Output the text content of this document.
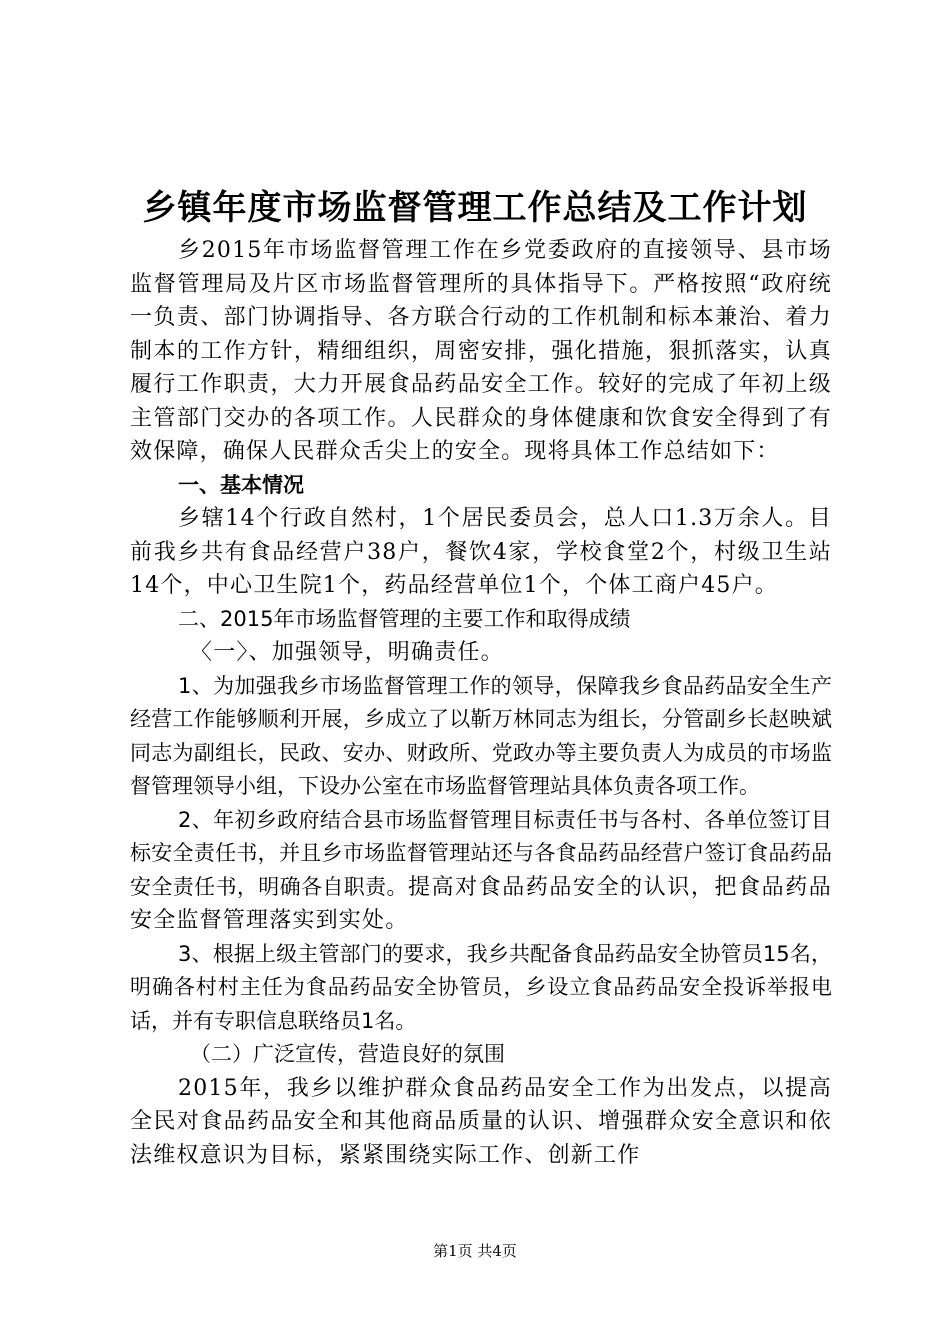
乡镇年度市场监督管理工作总结及工作计划

乡2015年市场监督管理工作在乡党委政府的直接领导、县市场监督管理局及片区市场监督管理所的具体指导下。严格按照“政府统一负责、部门协调指导、各方联合行动的工作机制和标本兼治、着力制本的工作方针，精细组织，周密安排，强化措施，狠抓落实，认真履行工作职责，大力开展食品药品安全工作。较好的完成了年初上级主管部门交办的各项工作。人民群众的身体健康和饮食安全得到了有效保障，确保人民群众舌尖上的安全。现将具体工作总结如下：

一、基本情况

乡辖14个行政自然村，1个居民委员会，总人口1.3万余人。目前我乡共有食品经营户38户，餐饮4家，学校食堂2个，村级卫生站14个，中心卫生院1个，药品经营单位1个，个体工商户45户。

二、2015年市场监督管理的主要工作和取得成绩

〈一〉、加强领导，明确责任。

1、为加强我乡市场监督管理工作的领导，保障我乡食品药品安全生产经营工作能够顺利开展，乡成立了以靳万林同志为组长，分管副乡长赵映斌同志为副组长，民政、安办、财政所、党政办等主要负责人为成员的市场监督管理领导小组，下设办公室在市场监督管理站具体负责各项工作。

2、年初乡政府结合县市场监督管理目标责任书与各村、各单位签订目标安全责任书，并且乡市场监督管理站还与各食品药品经营户签订食品药品安全责任书，明确各自职责。提高对食品药品安全的认识，把食品药品安全监督管理落实到实处。

3、根据上级主管部门的要求，我乡共配备食品药品安全协管员15名，明确各村村主任为食品药品安全协管员，乡设立食品药品安全投诉举报电话，并有专职信息联络员1名。

（二）广泛宣传，营造良好的氛围

2015年，我乡以维护群众食品药品安全工作为出发点，以提高全民对食品药品安全和其他商品质量的认识、增强群众安全意识和依法维权意识为目标，紧紧围绕实际工作、创新工作

第1页 共4页
